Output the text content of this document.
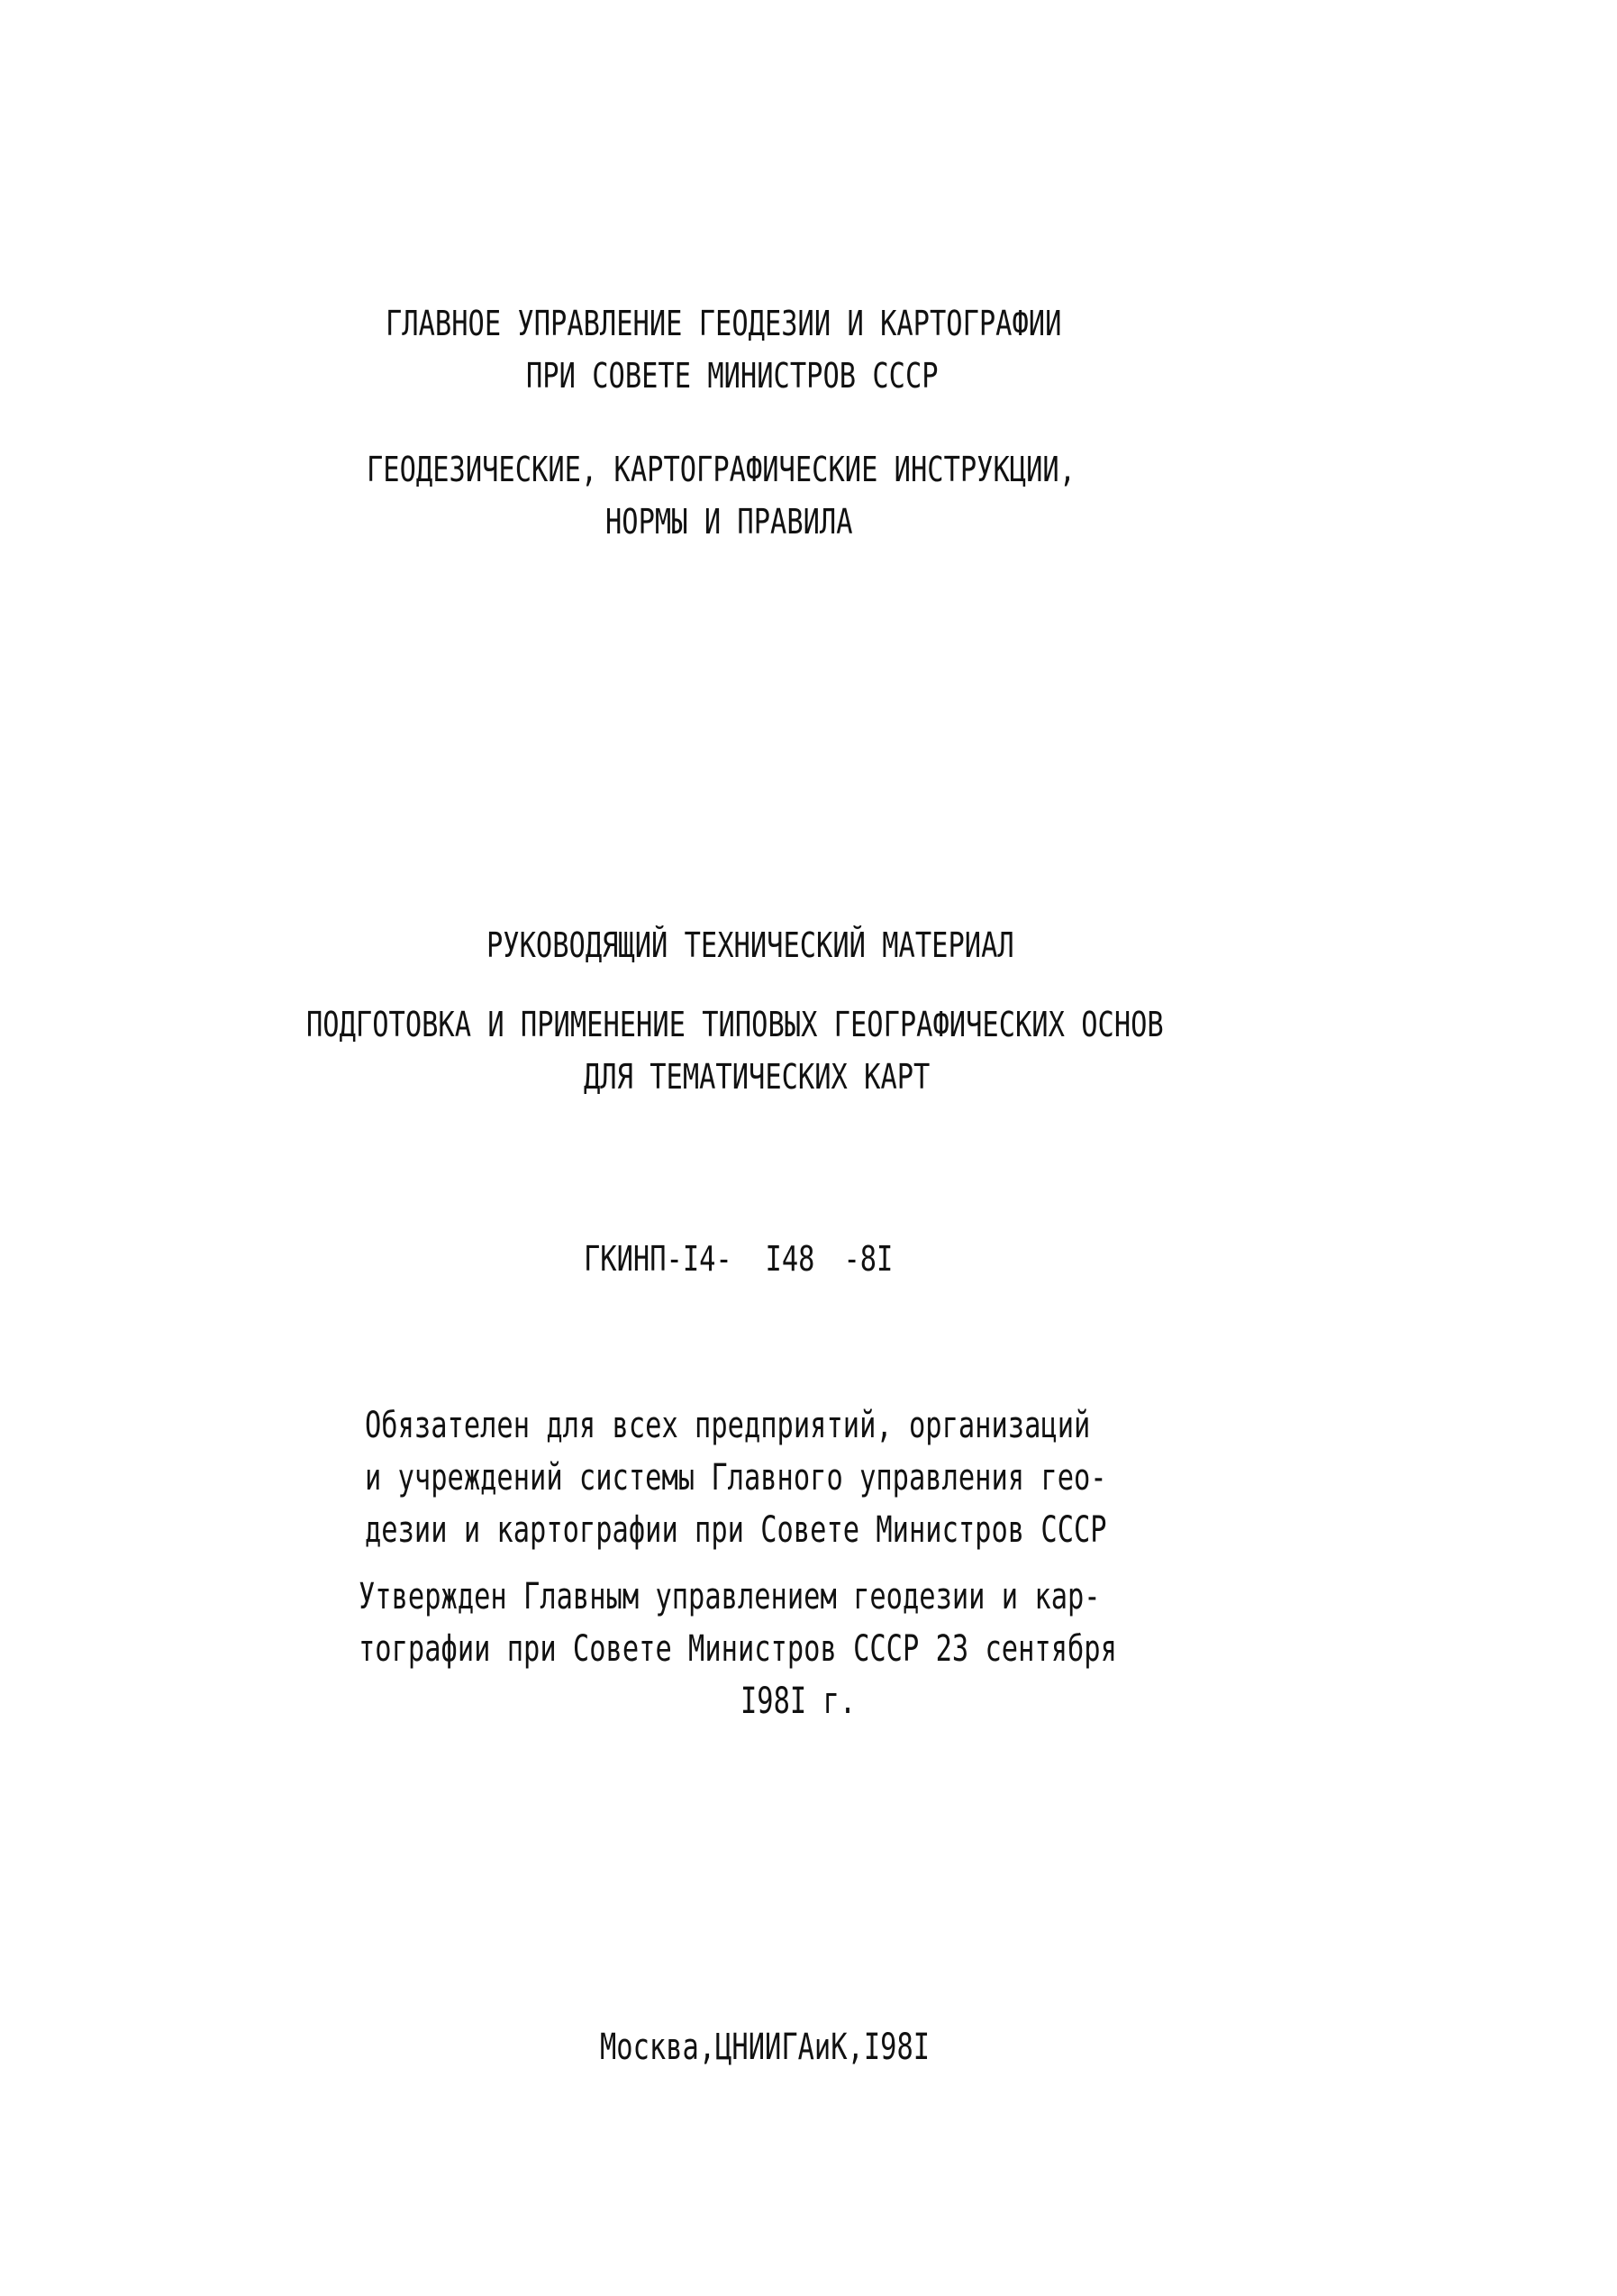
ГЛАВНОЕ УПРАВЛЕНИЕ ГЕОДЕЗИИ И КАРТОГРАФИИ
ПРИ СОВЕТЕ МИНИСТРОВ СССР
ГЕОДЕЗИЧЕСКИЕ, КАРТОГРАФИЧЕСКИЕ ИНСТРУКЦИИ,
НОРМЫ И ПРАВИЛА
РУКОВОДЯЩИЙ ТЕХНИЧЕСКИЙ МАТЕРИАЛ
ПОДГОТОВКА И ПРИМЕНЕНИЕ ТИПОВЫХ ГЕОГРАФИЧЕСКИХ ОСНОВ
ДЛЯ ТЕМАТИЧЕСКИХ КАРТ
ГКИНП-I4- I48 -8I
Обязателен для всех предприятий, организаций
и учреждений системы Главного управления гео-
дезии и картографии при Совете Министров СССР
Утвержден Главным управлением геодезии и кар-
тографии при Совете Министров СССР 23 сентября
I98I г.
Москва,ЦНИИГАиК,I98I
